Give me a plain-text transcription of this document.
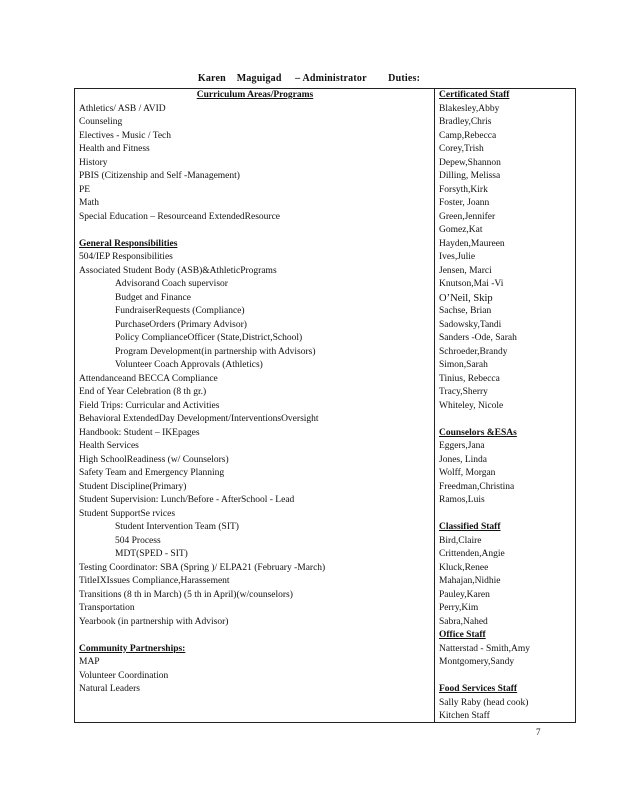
Karen    Maguigad     – Administrator        Duties:
Curriculum Areas/Programs
Athletics/ ASB / AVID
Counseling
Electives - Music / Tech
Health and Fitness
History
PBIS (Citizenship and Self -Management)
PE
Math
Special Education – Resourceand ExtendedResource
General Responsibilities
504/IEP Responsibilities
Associated Student Body (ASB)&AthleticPrograms
Advisorand Coach supervisor
Budget and Finance
FundraiserRequests (Compliance)
PurchaseOrders (Primary Advisor)
Policy ComplianceOfficer (State,District,School)
Program Development(in partnership with Advisors)
Volunteer Coach Approvals (Athletics)
Attendanceand BECCA Compliance
End of Year Celebration (8 th gr.)
Field Trips: Curricular and Activities
Behavioral ExtendedDay Development/InterventionsOversight
Handbook: Student – IKEpages
Health Services
High SchoolReadiness (w/ Counselors)
Safety Team and Emergency Planning
Student Discipline(Primary)
Student Supervision: Lunch/Before - AfterSchool - Lead
Student SupportSe rvices
Student Intervention Team (SIT)
504 Process
MDT(SPED - SIT)
Testing Coordinator: SBA (Spring )/ ELPA21 (February -March)
TitleIXIssues Compliance,Harassement
Transitions (8 th in March) (5 th in April)(w/counselors)
Transportation
Yearbook (in partnership with Advisor)
Community Partnerships:
MAP
Volunteer Coordination
Natural Leaders
Certificated Staff
Blakesley,Abby
Bradley,Chris
Camp,Rebecca
Corey,Trish
Depew,Shannon
Dilling, Melissa
Forsyth,Kirk
Foster, Joann
Green,Jennifer
Gomez,Kat
Hayden,Maureen
Ives,Julie
Jensen, Marci
Knutson,Mai -Vi
O’Neil, Skip
Sachse, Brian
Sadowsky,Tandi
Sanders -Ode, Sarah
Schroeder,Brandy
Simon,Sarah
Tinius, Rebecca
Tracy,Sherry
Whiteley, Nicole
Counselors &ESAs
Eggers,Jana
Jones, Linda
Wolff, Morgan
Freedman,Christina
Ramos,Luis
Classified Staff
Bird,Claire
Crittenden,Angie
Kluck,Renee
Mahajan,Nidhie
Pauley,Karen
Perry,Kim
Sabra,Nahed
Office Staff
Natterstad - Smith,Amy
Montgomery,Sandy
Food Services Staff
Sally Raby (head cook)
Kitchen Staff
7
